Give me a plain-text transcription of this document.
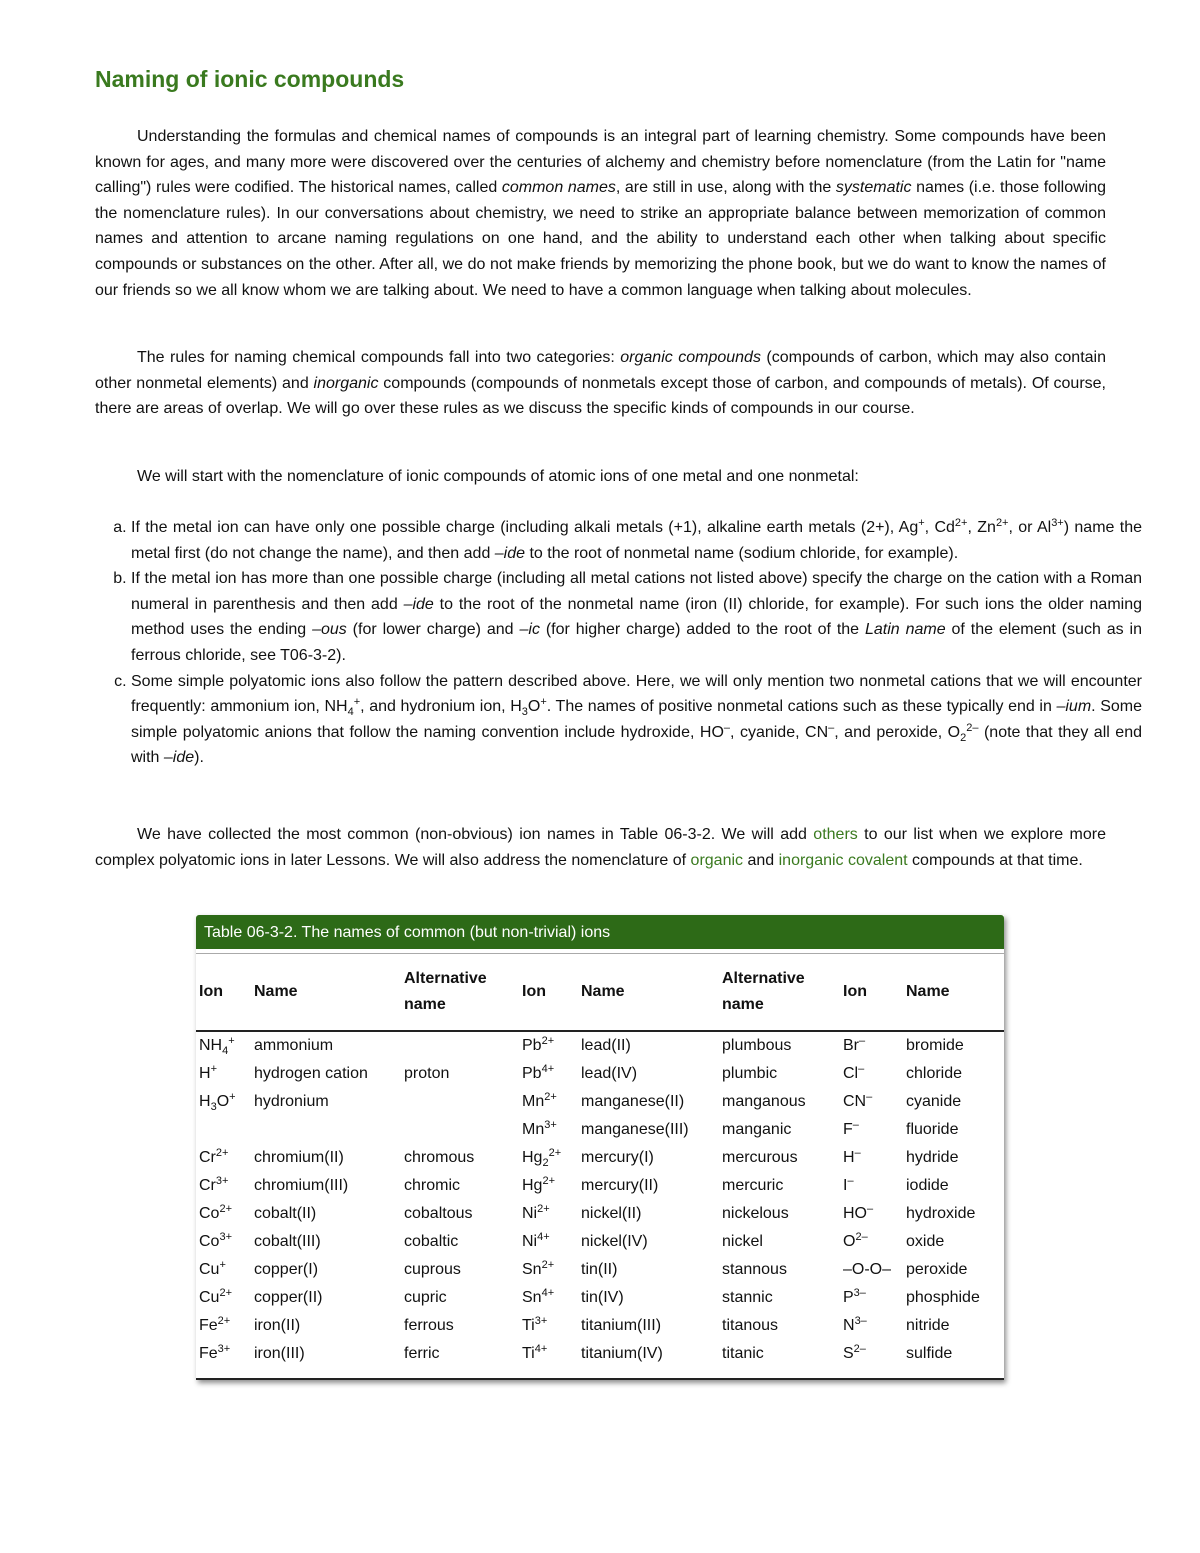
Naming of ionic compounds

Understanding the formulas and chemical names of compounds is an integral part of learning chemistry. Some compounds have been known for ages, and many more were discovered over the centuries of alchemy and chemistry before nomenclature (from the Latin for "name calling") rules were codified. The historical names, called common names, are still in use, along with the systematic names (i.e. those following the nomenclature rules). In our conversations about chemistry, we need to strike an appropriate balance between memorization of common names and attention to arcane naming regulations on one hand, and the ability to understand each other when talking about specific compounds or substances on the other. After all, we do not make friends by memorizing the phone book, but we do want to know the names of our friends so we all know whom we are talking about. We need to have a common language when talking about molecules.

The rules for naming chemical compounds fall into two categories: organic compounds (compounds of carbon, which may also contain other nonmetal elements) and inorganic compounds (compounds of nonmetals except those of carbon, and compounds of metals). Of course, there are areas of overlap. We will go over these rules as we discuss the specific kinds of compounds in our course.

We will start with the nomenclature of ionic compounds of atomic ions of one metal and one nonmetal:

a. If the metal ion can have only one possible charge (including alkali metals (+1), alkaline earth metals (2+), Ag+, $Cd^{2+}$, $Zn^{2+}$, or $Al^{3+}$) name the metal first (do not change the name), and then add –ide to the root of nonmetal name (sodium chloride, for example).
b. If the metal ion has more than one possible charge (including all metal cations not listed above) specify the charge on the cation with a Roman numeral in parenthesis and then add –ide to the root of the nonmetal name (iron (II) chloride, for example). For such ions the older naming method uses the ending –ous (for lower charge) and –ic (for higher charge) added to the root of the Latin name of the element (such as in ferrous chloride, see T06-3-2).
c. Some simple polyatomic ions also follow the pattern described above. Here, we will only mention two nonmetal cations that we will encounter frequently: ammonium ion, $NH_4^+$, and hydronium ion, $H_3O^+$. The names of positive nonmetal cations such as these typically end in –ium. Some simple polyatomic anions that follow the naming convention include hydroxide, HO–, cyanide, CN–, and peroxide, $O_2^{2-}$ (note that they all end with –ide).

We have collected the most common (non-obvious) ion names in Table 06-3-2. We will add others to our list when we explore more complex polyatomic ions in later Lessons. We will also address the nomenclature of organic and inorganic covalent compounds at that time.

Table 06-3-2. The names of common (but non-trivial) ions
Ion	Name	Alternative name	Ion	Name	Alternative name	Ion	Name
$NH_4^+$	ammonium		$Pb^{2+}$	lead(II)	plumbous	Br–	bromide
H+	hydrogen cation	proton	$Pb^{4+}$	lead(IV)	plumbic	Cl–	chloride
$H_3O^+$	hydronium		$Mn^{2+}$	manganese(II)	manganous	CN–	cyanide
			$Mn^{3+}$	manganese(III)	manganic	F–	fluoride
$Cr^{2+}$	chromium(II)	chromous	$Hg_2^{2+}$	mercury(I)	mercurous	H–	hydride
$Cr^{3+}$	chromium(III)	chromic	$Hg^{2+}$	mercury(II)	mercuric	I–	iodide
$Co^{2+}$	cobalt(II)	cobaltous	$Ni^{2+}$	nickel(II)	nickelous	HO–	hydroxide
$Co^{3+}$	cobalt(III)	cobaltic	$Ni^{4+}$	nickel(IV)	nickel	$O^{2-}$	oxide
Cu+	copper(I)	cuprous	$Sn^{2+}$	tin(II)	stannous	–O-O–	peroxide
$Cu^{2+}$	copper(II)	cupric	$Sn^{4+}$	tin(IV)	stannic	$P^{3-}$	phosphide
$Fe^{2+}$	iron(II)	ferrous	$Ti^{3+}$	titanium(III)	titanous	$N^{3-}$	nitride
$Fe^{3+}$	iron(III)	ferric	$Ti^{4+}$	titanium(IV)	titanic	$S^{2-}$	sulfide
